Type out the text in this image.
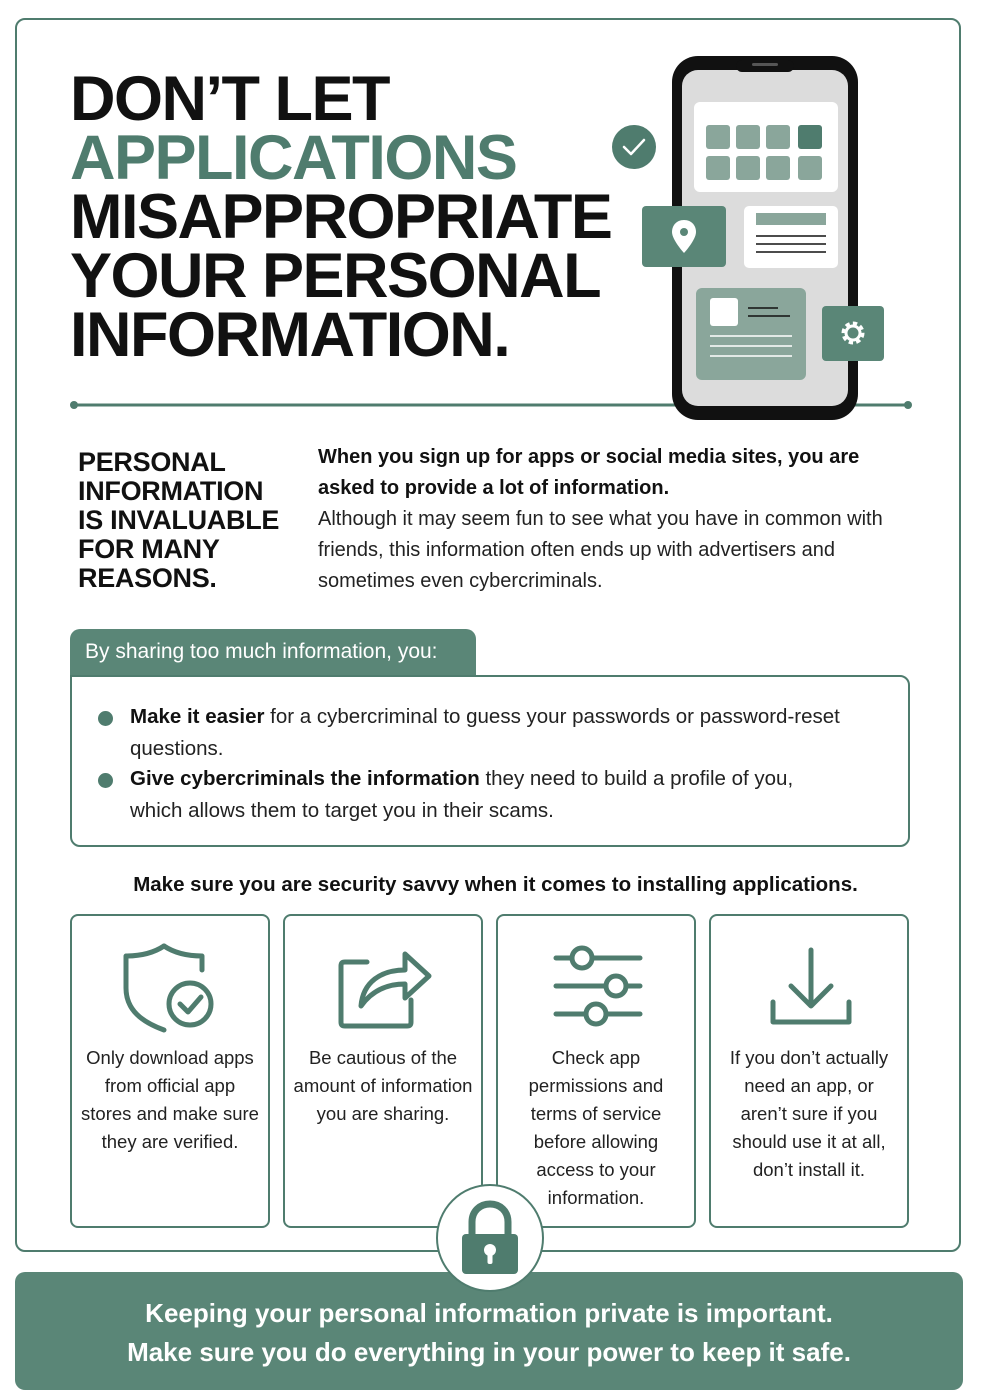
DON’T LET
APPLICATIONS
MISAPPROPRIATE
YOUR PERSONAL
INFORMATION.
PERSONAL
INFORMATION
IS INVALUABLE
FOR MANY
REASONS.
When you sign up for apps or social media sites, you are asked to provide a lot of information.
Although it may seem fun to see what you have in common with friends, this information often ends up with advertisers and sometimes even cybercriminals.
By sharing too much information, you:
Make it easier for a cybercriminal to guess your passwords or password-reset questions.
Give cybercriminals the information they need to build a profile of you, which allows them to target you in their scams.
Make sure you are security savvy when it comes to installing applications.
Only download apps from official app stores and make sure they are verified.
Be cautious of the amount of information you are sharing.
Check app permissions and terms of service before allowing access to your information.
If you don’t actually need an app, or aren’t sure if you should use it at all, don’t install it.
Keeping your personal information private is important.
Make sure you do everything in your power to keep it safe.
